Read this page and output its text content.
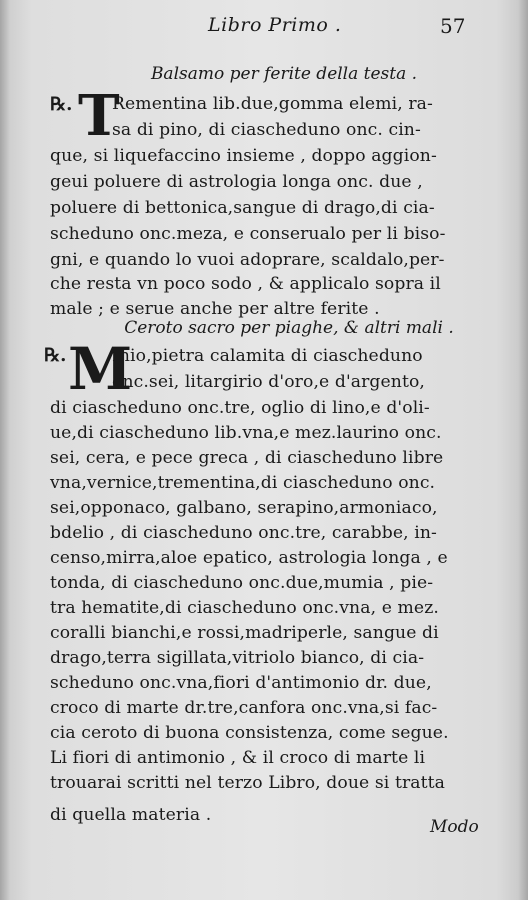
Libro Primo .	57
Balsamo per ferite della testa .
℞. T
Rementina lib.due,gomma elemi, ra-
sa di pino, di ciascheduno onc. cin-
que, si liquefaccino insieme , doppo aggion-
geui poluere di astrologia longa onc. due ,
poluere di bettonica,sangue di drago,di cia-
scheduno onc.meza, e conserualo per li biso-
gni, e quando lo vuoi adoprare, scaldalo,per-
che resta vn poco sodo , & applicalo sopra il
male ; e serue anche per altre ferite .
Ceroto sacro per piaghe, & altri mali .
℞. M
Inio,pietra calamita di ciascheduno
onc.sei, litargirio d'oro,e d'argento,
di ciascheduno onc.tre, oglio di lino,e d'oli-
ue,di ciascheduno lib.vna,e mez.laurino onc.
sei, cera, e pece greca , di ciascheduno libre
vna,vernice,trementina,di ciascheduno onc.
sei,opponaco, galbano, serapino,armoniaco,
bdelio , di ciascheduno onc.tre, carabbe, in-
censo,mirra,aloe epatico, astrologia longa , e
tonda, di ciascheduno onc.due,mumia , pie-
tra hematite,di ciascheduno onc.vna, e mez.
coralli bianchi,e rossi,madriperle, sangue di
drago,terra sigillata,vitriolo bianco, di cia-
scheduno onc.vna,fiori d'antimonio dr. due,
croco di marte dr.tre,canfora onc.vna,si fac-
cia ceroto di buona consistenza, come segue.
Li fiori di antimonio , & il croco di marte li
trouarai scritti nel terzo Libro, doue si tratta
di quella materia .
Modo
